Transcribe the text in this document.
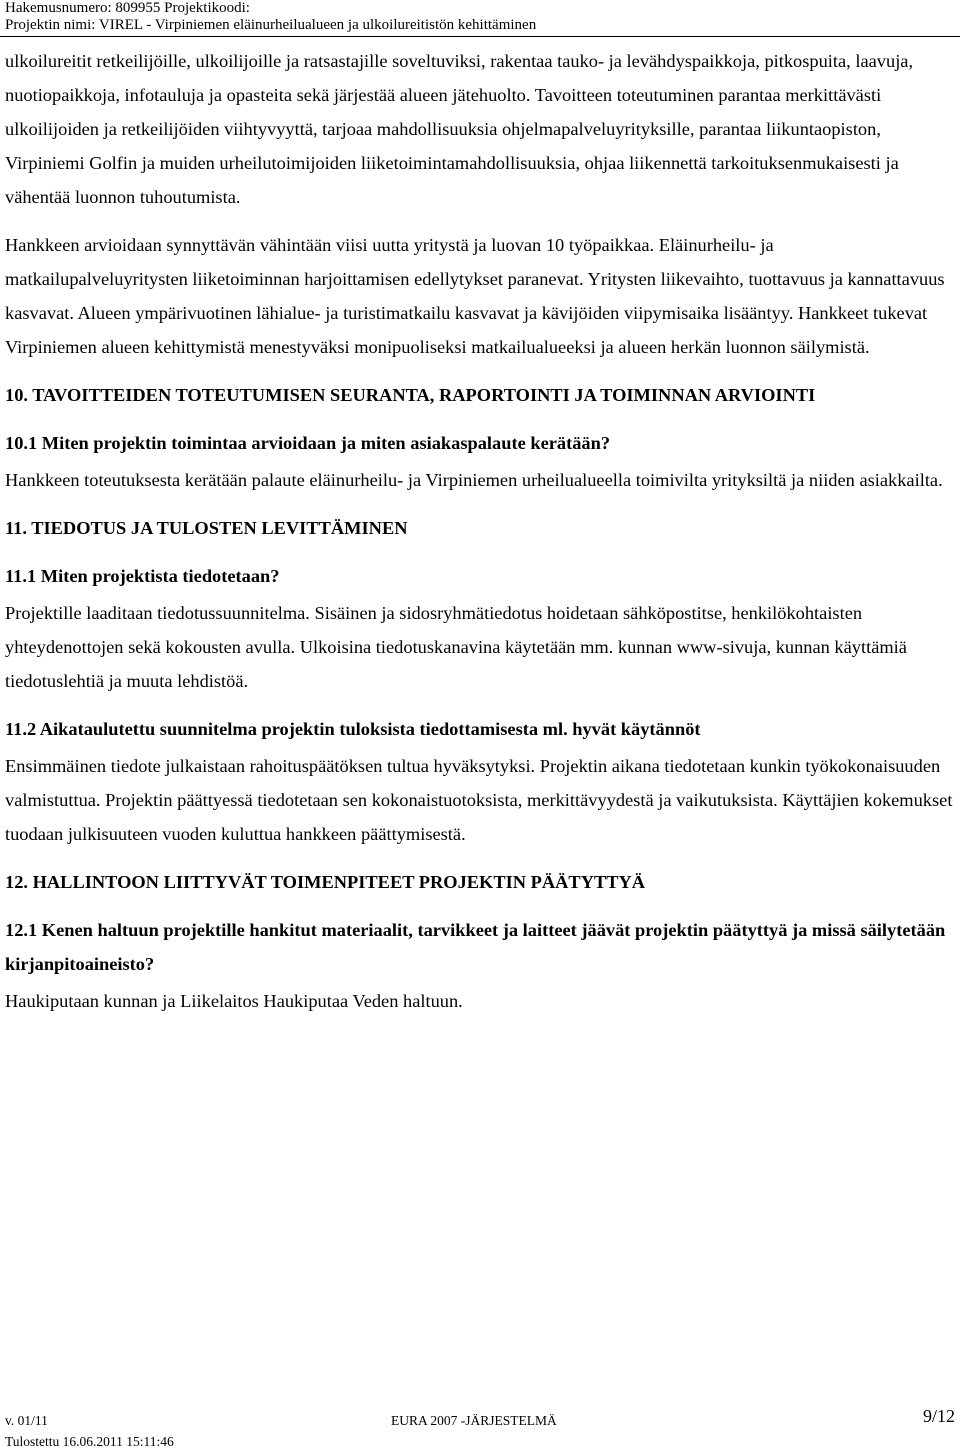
Hakemusnumero: 809955 Projektikoodi:
Projektin nimi: VIREL - Virpiniemen eläinurheilualueen ja ulkoilureitistön kehittäminen

ulkoilureitit retkeilijöille, ulkoilijoille ja ratsastajille soveltuviksi, rakentaa tauko- ja levähdyspaikkoja, pitkospuita, laavuja, nuotiopaikkoja, infotauluja ja opasteita sekä järjestää alueen jätehuolto. Tavoitteen toteutuminen parantaa merkittävästi ulkoilijoiden ja retkeilijöiden viihtyvyyttä, tarjoaa mahdollisuuksia ohjelmapalveluyrityksille, parantaa liikuntaopiston, Virpiniemi Golfin ja muiden urheilutoimijoiden liiketoimintamahdollisuuksia, ohjaa liikennettä tarkoituksenmukaisesti ja vähentää luonnon tuhoutumista.

Hankkeen arvioidaan synnyttävän vähintään viisi uutta yritystä ja luovan 10 työpaikkaa. Eläinurheilu- ja matkailupalveluyritysten liiketoiminnan harjoittamisen edellytykset paranevat. Yritysten liikevaihto, tuottavuus ja kannattavuus kasvavat. Alueen ympärivuotinen lähialue- ja turistimatkailu kasvavat ja kävijöiden viipymisaika lisääntyy. Hankkeet tukevat Virpiniemen alueen kehittymistä menestyväksi monipuoliseksi matkailualueeksi ja alueen herkän luonnon säilymistä.

10. TAVOITTEIDEN TOTEUTUMISEN SEURANTA, RAPORTOINTI JA TOIMINNAN ARVIOINTI
10.1 Miten projektin toimintaa arvioidaan ja miten asiakaspalaute kerätään?

Hankkeen toteutuksesta kerätään palaute eläinurheilu- ja Virpiniemen urheilualueella toimivilta yrityksiltä ja niiden asiakkailta.

11. TIEDOTUS JA TULOSTEN LEVITTÄMINEN
11.1 Miten projektista tiedotetaan?

Projektille laaditaan tiedotussuunnitelma. Sisäinen ja sidosryhmätiedotus hoidetaan sähköpostitse, henkilökohtaisten yhteydenottojen sekä kokousten avulla. Ulkoisina tiedotuskanavina käytetään mm. kunnan www-sivuja, kunnan käyttämiä tiedotuslehtiä ja muuta lehdistöä.

11.2 Aikataulutettu suunnitelma projektin tuloksista tiedottamisesta ml. hyvät käytännöt

Ensimmäinen tiedote julkaistaan rahoituspäätöksen tultua hyväksytyksi. Projektin aikana tiedotetaan kunkin työkokonaisuuden valmistuttua. Projektin päättyessä tiedotetaan sen kokonaistuotoksista, merkittävyydestä ja vaikutuksista. Käyttäjien kokemukset tuodaan julkisuuteen vuoden kuluttua hankkeen päättymisestä.

12. HALLINTOON LIITTYVÄT TOIMENPITEET PROJEKTIN PÄÄTYTTYÄ
12.1 Kenen haltuun projektille hankitut materiaalit, tarvikkeet ja laitteet jäävät projektin päätyttyä ja missä säilytetään kirjanpitoaineisto?

Haukiputaan kunnan ja Liikelaitos Haukiputaa Veden haltuun.

v. 01/11
Tulostettu 16.06.2011 15:11:46
EURA 2007 -JÄRJESTELMÄ	9/12
